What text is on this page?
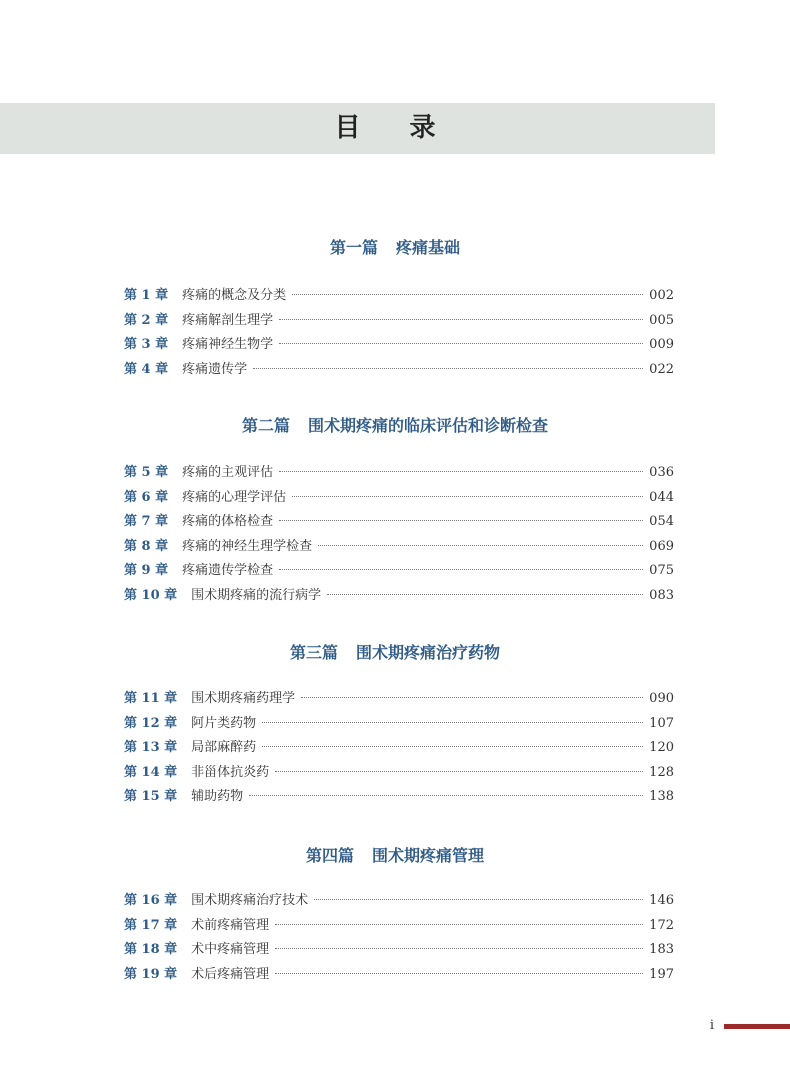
目 录
第一篇 疼痛基础
第 1 章 疼痛的概念及分类	002
第 2 章 疼痛解剖生理学	005
第 3 章 疼痛神经生物学	009
第 4 章 疼痛遗传学	022
第二篇 围术期疼痛的临床评估和诊断检查
第 5 章 疼痛的主观评估	036
第 6 章 疼痛的心理学评估	044
第 7 章 疼痛的体格检查	054
第 8 章 疼痛的神经生理学检查	069
第 9 章 疼痛遗传学检查	075
第 10 章 围术期疼痛的流行病学	083
第三篇 围术期疼痛治疗药物
第 11 章 围术期疼痛药理学	090
第 12 章 阿片类药物	107
第 13 章 局部麻醉药	120
第 14 章 非甾体抗炎药	128
第 15 章 辅助药物	138
第四篇 围术期疼痛管理
第 16 章 围术期疼痛治疗技术	146
第 17 章 术前疼痛管理	172
第 18 章 术中疼痛管理	183
第 19 章 术后疼痛管理	197
i
